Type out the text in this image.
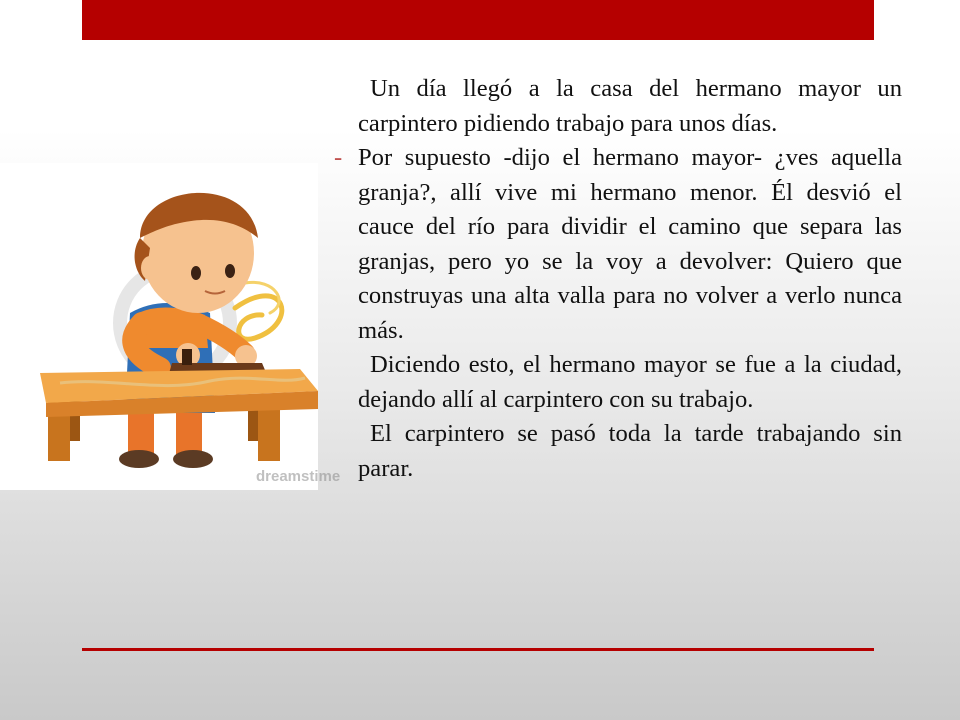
dreamstime

Un día llegó a la casa del hermano mayor un carpintero pidiendo trabajo para unos días.

- Por supuesto -dijo el hermano mayor- ¿ves aquella granja?, allí vive mi hermano menor. Él desvió el cauce del río para dividir el camino que separa las granjas, pero yo se la voy a devolver: Quiero que construyas una alta valla para no volver a verlo nunca más.

Diciendo esto, el hermano mayor se fue a la ciudad, dejando allí al carpintero con su trabajo.

El carpintero se pasó toda la tarde trabajando sin parar.
